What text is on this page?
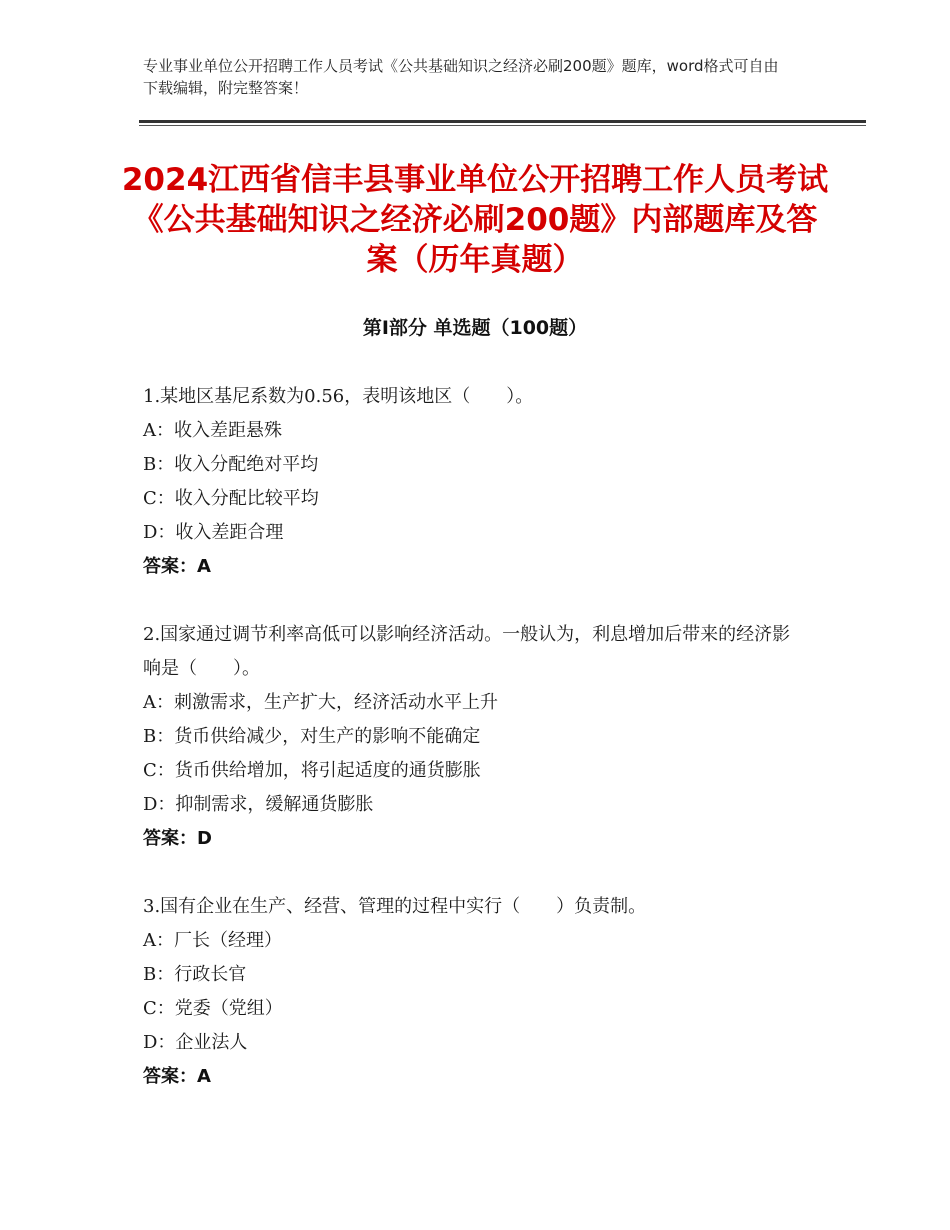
专业事业单位公开招聘工作人员考试《公共基础知识之经济必刷200题》题库，word格式可自由下载编辑，附完整答案！
2024江西省信丰县事业单位公开招聘工作人员考试《公共基础知识之经济必刷200题》内部题库及答案（历年真题）
第Ⅰ部分 单选题（100题）

1.某地区基尼系数为0.56，表明该地区（　　）。

A：收入差距悬殊

B：收入分配绝对平均

C：收入分配比较平均

D：收入差距合理

答案：A

2.国家通过调节利率高低可以影响经济活动。一般认为，利息增加后带来的经济影响是（　　）。

A：刺激需求，生产扩大，经济活动水平上升

B：货币供给减少，对生产的影响不能确定

C：货币供给增加，将引起适度的通货膨胀

D：抑制需求，缓解通货膨胀

答案：D

3.国有企业在生产、经营、管理的过程中实行（　　）负责制。

A：厂长（经理）

B：行政长官

C：党委（党组）

D：企业法人

答案：A
